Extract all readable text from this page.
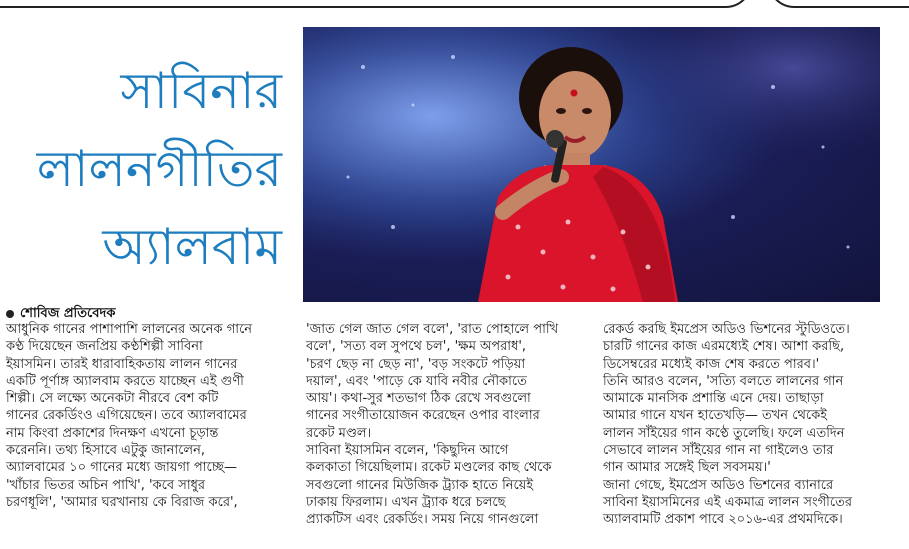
সাবিনার
লালনগীতির
অ্যালবাম
শোবিজ প্রতিবেদক

আধুনিক গানের পাশাপাশি লালনের অনেক গানে

কণ্ঠ দিয়েছেন জনপ্রিয় কণ্ঠশিল্পী সাবিনা

ইয়াসমিন। তারই ধারাবাহিকতায় লালন গানের

একটি পূর্ণাঙ্গ অ্যালবাম করতে যাচ্ছেন এই গুণী

শিল্পী। সে লক্ষ্যে অনেকটা নীরবে বেশ কটি

গানের রেকর্ডিংও এগিয়েছেন। তবে অ্যালবামের

নাম কিংবা প্রকাশের দিনক্ষণ এখনো চূড়ান্ত

করেননি। তথ্য হিসাবে এটুকু জানালেন,

অ্যালবামের ১০ গানের মধ্যে জায়গা পাচ্ছে—

'খাঁচার ভিতর অচিন পাখি', 'কবে সাধুর

চরণধূলি', 'আমার ঘরখানায় কে বিরাজ করে',

'জাত গেল জাত গেল বলে', 'রাত পোহালে পাখি

বলে', 'সত্য বল সুপথে চল', 'ক্ষম অপরাধ',

'চরণ ছেড় না ছেড় না', 'বড় সংকটে পড়িয়া

দয়াল', এবং 'পাড়ে কে যাবি নবীর নৌকাতে

আয়'। কথা-সুর শতভাগ ঠিক রেখে সবগুলো

গানের সংগীতায়োজন করেছেন ওপার বাংলার

রকেট মণ্ডল।

সাবিনা ইয়াসমিন বলেন, 'কিছুদিন আগে

কলকাতা গিয়েছিলাম। রকেট মণ্ডলের কাছ থেকে

সবগুলো গানের মিউজিক ট্র্যাক হাতে নিয়েই

ঢাকায় ফিরলাম। এখন ট্র্যাক ধরে চলছে

প্র্যাকটিস এবং রেকর্ডিং। সময় নিয়ে গানগুলো

রেকর্ড করছি ইমপ্রেস অডিও ভিশনের স্টুডিওতে।

চারটি গানের কাজ এরমধ্যেই শেষ। আশা করছি,

ডিসেম্বরের মধ্যেই কাজ শেষ করতে পারব।'

তিনি আরও বলেন, 'সত্যি বলতে লালনের গান

আমাকে মানসিক প্রশান্তি এনে দেয়। তাছাড়া

আমার গানে যখন হাতেখড়ি— তখন থেকেই

লালন সাঁইয়ের গান কণ্ঠে তুলেছি। ফলে এতদিন

সেভাবে লালন সাঁইয়ের গান না গাইলেও তার

গান আমার সঙ্গেই ছিল সবসময়।'

জানা গেছে, ইমপ্রেস অডিও ভিশনের ব্যানারে

সাবিনা ইয়াসমিনের এই একমাত্র লালন সংগীতের

অ্যালবামটি প্রকাশ পাবে ২০১৬-এর প্রথমদিকে।
